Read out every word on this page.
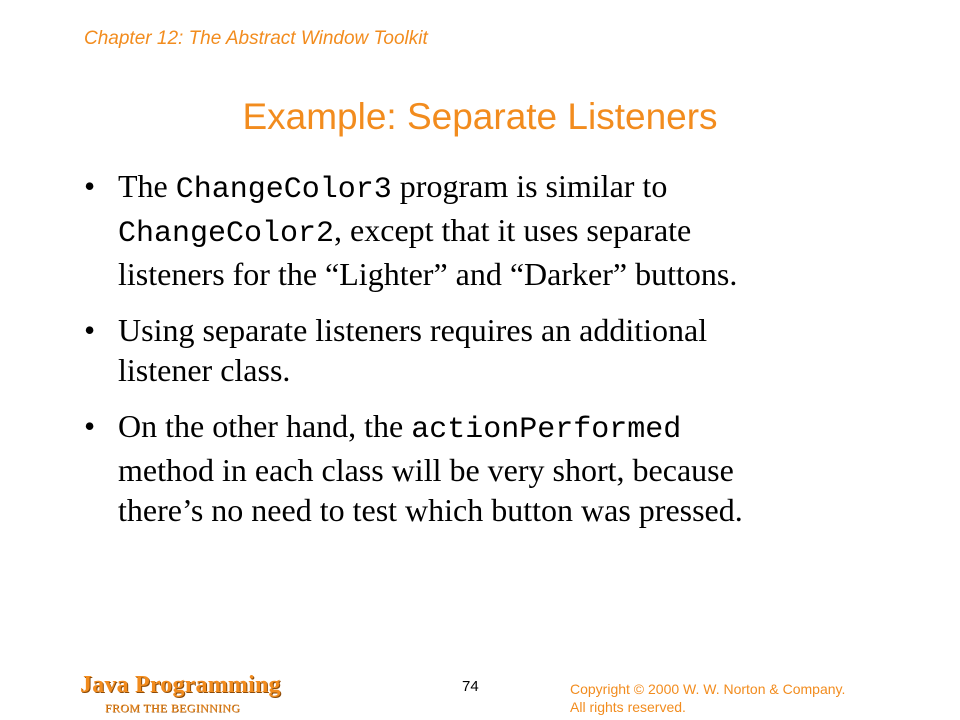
Chapter 12: The Abstract Window Toolkit
Example: Separate Listeners
• The ChangeColor3 program is similar to
ChangeColor2, except that it uses separate
listeners for the “Lighter” and “Darker” buttons.
• Using separate listeners requires an additional
listener class.
• On the other hand, the actionPerformed
method in each class will be very short, because
there’s no need to test which button was pressed.
Java Programming
FROM THE BEGINNING
74	Copyright © 2000 W. W. Norton & Company.
All rights reserved.
